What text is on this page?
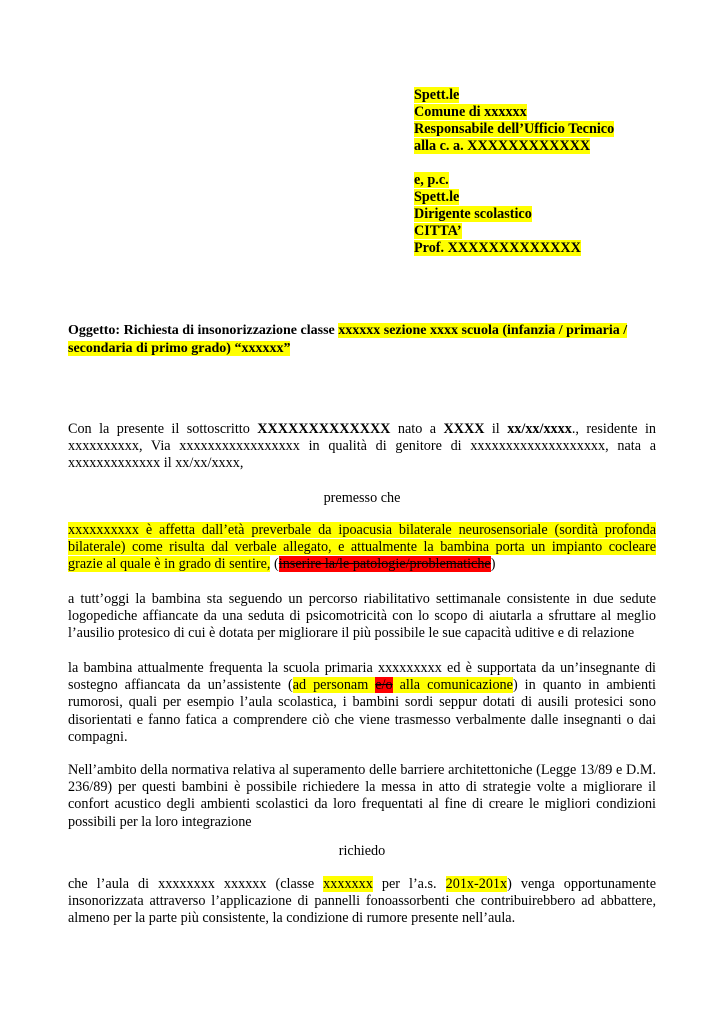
Spett.le
Comune di xxxxxx
Responsabile dell’Ufficio Tecnico
alla c. a. XXXXXXXXXXXX
e, p.c.
Spett.le
Dirigente scolastico
CITTA’
Prof. XXXXXXXXXXXXX
Oggetto: Richiesta di insonorizzazione classe xxxxxx sezione xxxx scuola (infanzia / primaria / secondaria di primo grado) “xxxxxx”
Con la presente il sottoscritto XXXXXXXXXXXXX nato a XXXX il xx/xx/xxxx., residente in xxxxxxxxxx, Via xxxxxxxxxxxxxxxxx in qualità di genitore di xxxxxxxxxxxxxxxxxxx, nata a xxxxxxxxxxxxx il xx/xx/xxxx,
premesso che
xxxxxxxxxx è affetta dall’età preverbale da ipoacusia bilaterale neurosensoriale (sordità profonda bilaterale) come risulta dal verbale allegato, e attualmente la bambina porta un impianto cocleare grazie al quale è in grado di sentire, (inserire la/le patologie/problematiche)
a tutt’oggi la bambina sta seguendo un percorso riabilitativo settimanale consistente in due sedute logopediche affiancate da una seduta di psicomotricità con lo scopo di aiutarla a sfruttare al meglio l’ausilio protesico di cui è dotata per migliorare il più possibile le sue capacità uditive e di relazione
la bambina attualmente frequenta la scuola primaria xxxxxxxxx ed è supportata da un’insegnante di sostegno affiancata da un’assistente (ad personam e/o alla comunicazione) in quanto in ambienti rumorosi, quali per esempio l’aula scolastica, i bambini sordi seppur dotati di ausili protesici sono disorientati e fanno fatica a comprendere ciò che viene trasmesso verbalmente dalle insegnanti o dai compagni.
Nell’ambito della normativa relativa al superamento delle barriere architettoniche (Legge 13/89 e D.M. 236/89) per questi bambini è possibile richiedere la messa in atto di strategie volte a migliorare il confort acustico degli ambienti scolastici da loro frequentati al fine di creare le migliori condizioni possibili per la loro integrazione
richiedo
che l’aula di xxxxxxxx xxxxxx (classe xxxxxxx per l’a.s. 201x-201x) venga opportunamente insonorizzata attraverso l’applicazione di pannelli fonoassorbenti che contribuirebbero ad abbattere, almeno per la parte più consistente, la condizione di rumore presente nell’aula.
